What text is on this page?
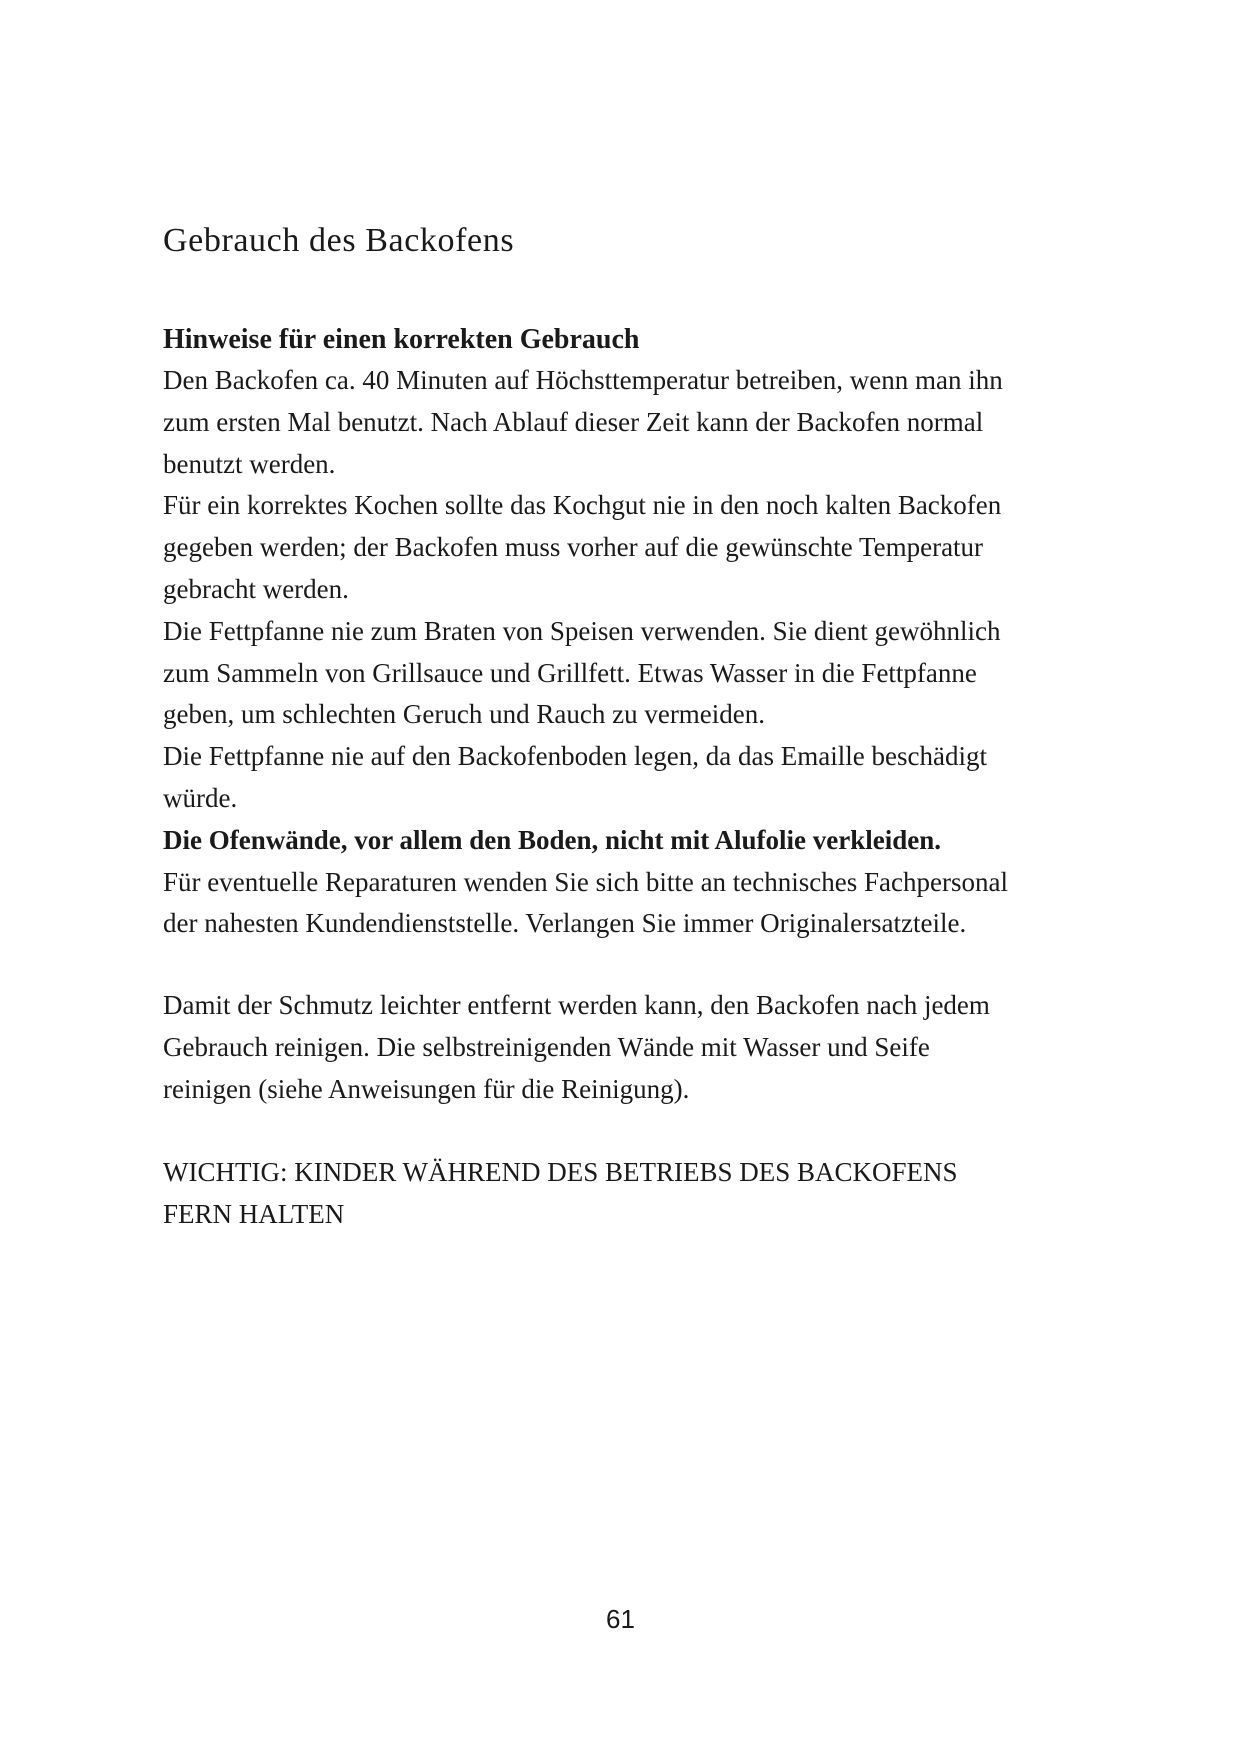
Gebrauch des Backofens
Hinweise für einen korrekten Gebrauch
Den Backofen ca. 40 Minuten auf Höchsttemperatur betreiben, wenn man ihn
zum ersten Mal benutzt. Nach Ablauf dieser Zeit kann der Backofen normal
benutzt werden.
Für ein korrektes Kochen sollte das Kochgut nie in den noch kalten Backofen
gegeben werden; der Backofen muss vorher auf die gewünschte Temperatur
gebracht werden.
Die Fettpfanne nie zum Braten von Speisen verwenden. Sie dient gewöhnlich
zum Sammeln von Grillsauce und Grillfett. Etwas Wasser in die Fettpfanne
geben, um schlechten Geruch und Rauch zu vermeiden.
Die Fettpfanne nie auf den Backofenboden legen, da das Emaille beschädigt
würde.
Die Ofenwände, vor allem den Boden, nicht mit Alufolie verkleiden.
Für eventuelle Reparaturen wenden Sie sich bitte an technisches Fachpersonal
der nahesten Kundendienststelle. Verlangen Sie immer Originalersatzteile.
Damit der Schmutz leichter entfernt werden kann, den Backofen nach jedem
Gebrauch reinigen. Die selbstreinigenden Wände mit Wasser und Seife
reinigen (siehe Anweisungen für die Reinigung).
WICHTIG: KINDER WÄHREND DES BETRIEBS DES BACKOFENS
FERN HALTEN
61
